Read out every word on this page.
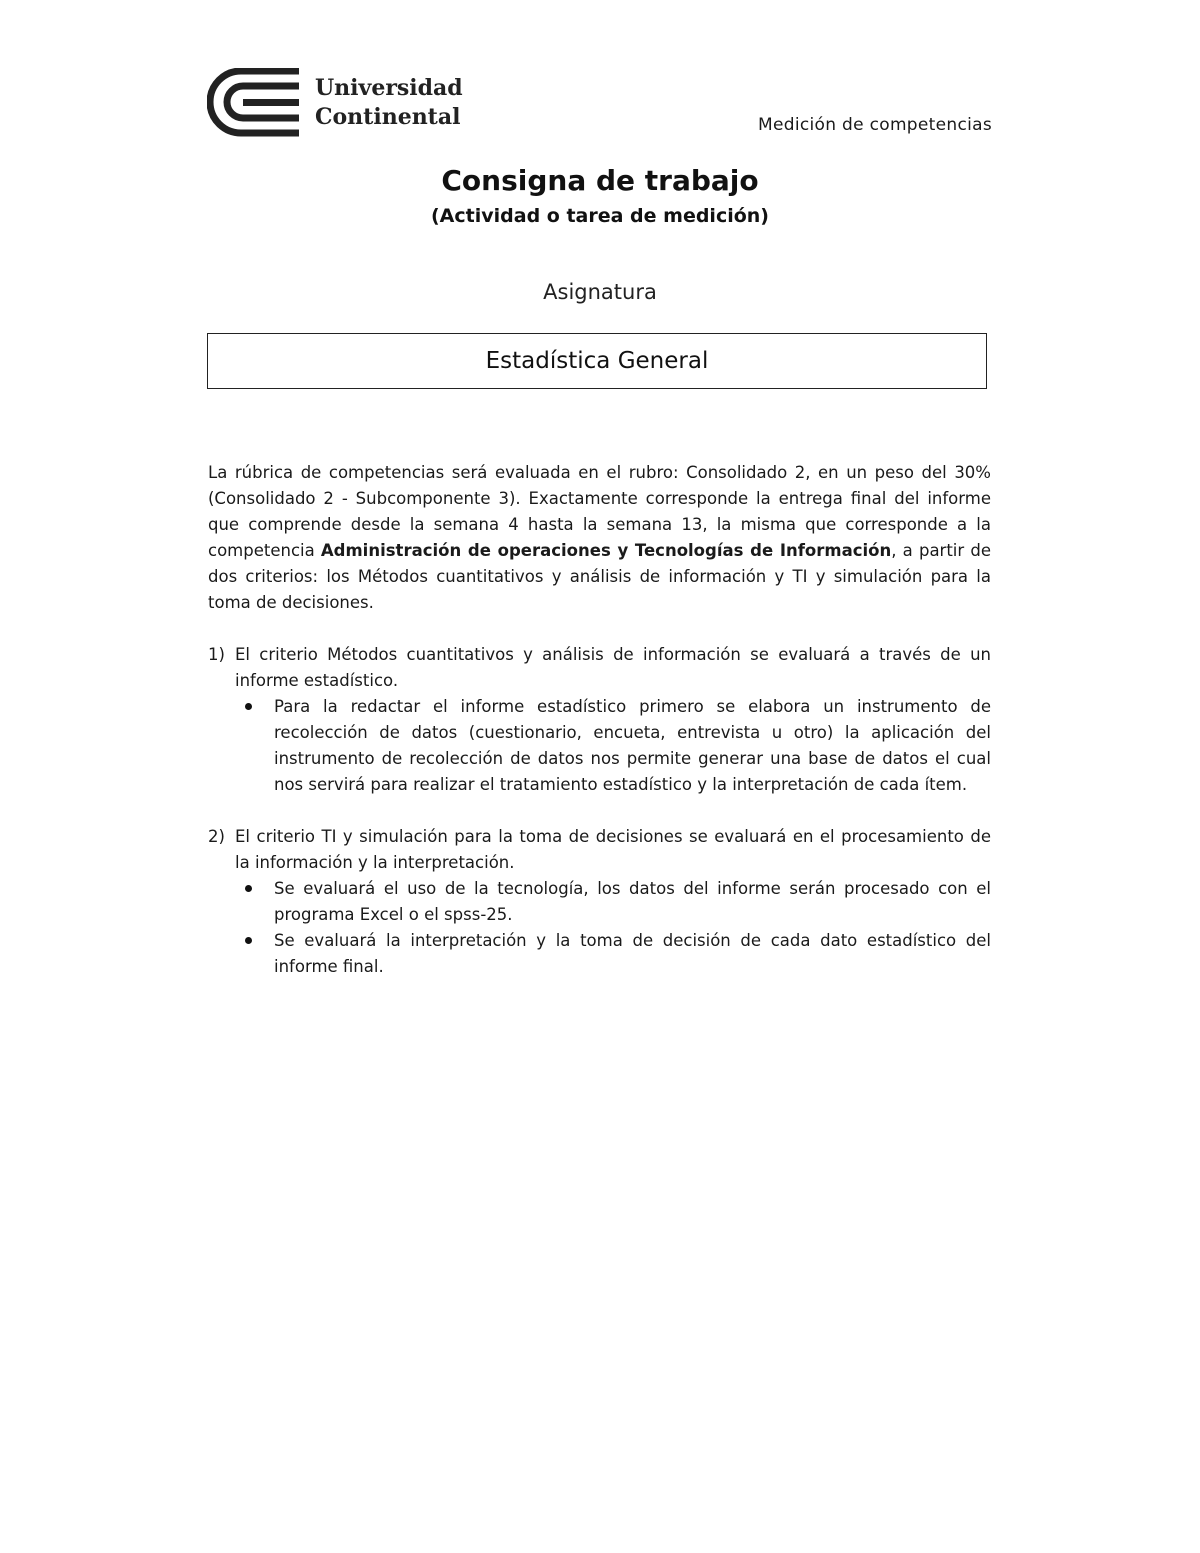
Universidad
Continental	Medición de competencias
Consigna de trabajo
(Actividad o tarea de medición)
Asignatura
Estadística General

La rúbrica de competencias será evaluada en el rubro: Consolidado 2, en un peso del 30% (Consolidado 2 - Subcomponente 3). Exactamente corresponde la entrega final del informe que comprende desde la semana 4 hasta la semana 13, la misma que corresponde a la competencia Administración de operaciones y Tecnologías de Información, a partir de dos criterios: los Métodos cuantitativos y análisis de información y TI y simulación para la toma de decisiones.

1) El criterio Métodos cuantitativos y análisis de información se evaluará a través de un informe estadístico.
Para la redactar el informe estadístico primero se elabora un instrumento de recolección de datos (cuestionario, encueta, entrevista u otro) la aplicación del instrumento de recolección de datos nos permite generar una base de datos el cual nos servirá para realizar el tratamiento estadístico y la interpretación de cada ítem.
2) El criterio TI y simulación para la toma de decisiones se evaluará en el procesamiento de la información y la interpretación.
Se evaluará el uso de la tecnología, los datos del informe serán procesado con el programa Excel o el spss-25.
Se evaluará la interpretación y la toma de decisión de cada dato estadístico del informe final.
